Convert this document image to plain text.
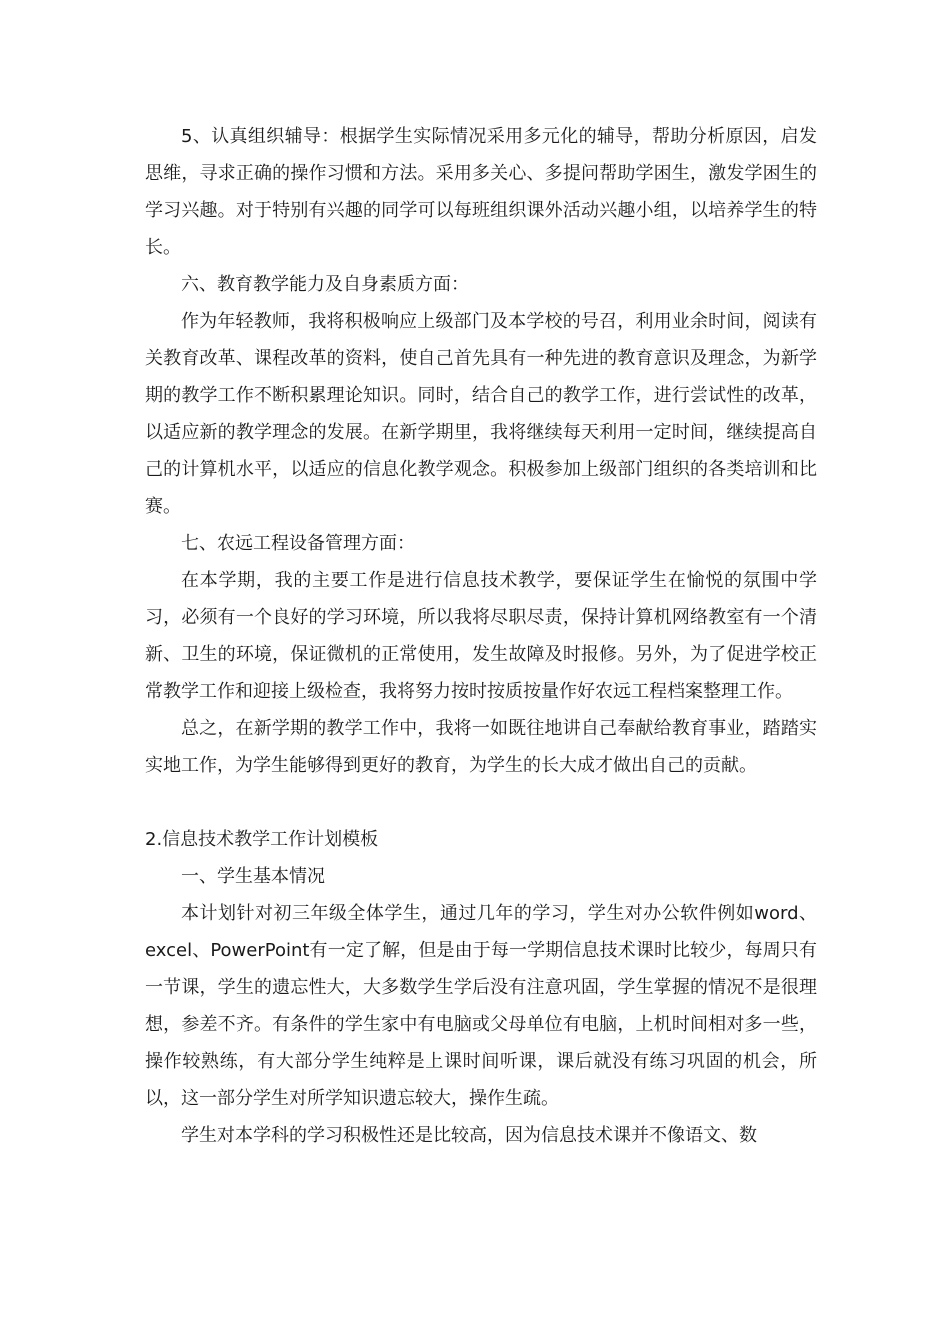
5、认真组织辅导：根据学生实际情况采用多元化的辅导，帮助分析原因，启发思维，寻求正确的操作习惯和方法。采用多关心、多提问帮助学困生，激发学困生的学习兴趣。对于特别有兴趣的同学可以每班组织课外活动兴趣小组，以培养学生的特长。

六、教育教学能力及自身素质方面：

作为年轻教师，我将积极响应上级部门及本学校的号召，利用业余时间，阅读有关教育改革、课程改革的资料，使自己首先具有一种先进的教育意识及理念，为新学期的教学工作不断积累理论知识。同时，结合自己的教学工作，进行尝试性的改革，以适应新的教学理念的发展。在新学期里，我将继续每天利用一定时间，继续提高自己的计算机水平，以适应的信息化教学观念。积极参加上级部门组织的各类培训和比赛。

七、农远工程设备管理方面：

在本学期，我的主要工作是进行信息技术教学，要保证学生在愉悦的氛围中学习，必须有一个良好的学习环境，所以我将尽职尽责，保持计算机网络教室有一个清新、卫生的环境，保证微机的正常使用，发生故障及时报修。另外，为了促进学校正常教学工作和迎接上级检查，我将努力按时按质按量作好农远工程档案整理工作。

总之，在新学期的教学工作中，我将一如既往地讲自己奉献给教育事业，踏踏实实地工作，为学生能够得到更好的教育，为学生的长大成才做出自己的贡献。

2.信息技术教学工作计划模板

一、学生基本情况

本计划针对初三年级全体学生，通过几年的学习，学生对办公软件例如word、excel、PowerPoint有一定了解，但是由于每一学期信息技术课时比较少，每周只有一节课，学生的遗忘性大，大多数学生学后没有注意巩固，学生掌握的情况不是很理想，参差不齐。有条件的学生家中有电脑或父母单位有电脑，上机时间相对多一些，操作较熟练，有大部分学生纯粹是上课时间听课，课后就没有练习巩固的机会，所以，这一部分学生对所学知识遗忘较大，操作生疏。

学生对本学科的学习积极性还是比较高，因为信息技术课并不像语文、数
